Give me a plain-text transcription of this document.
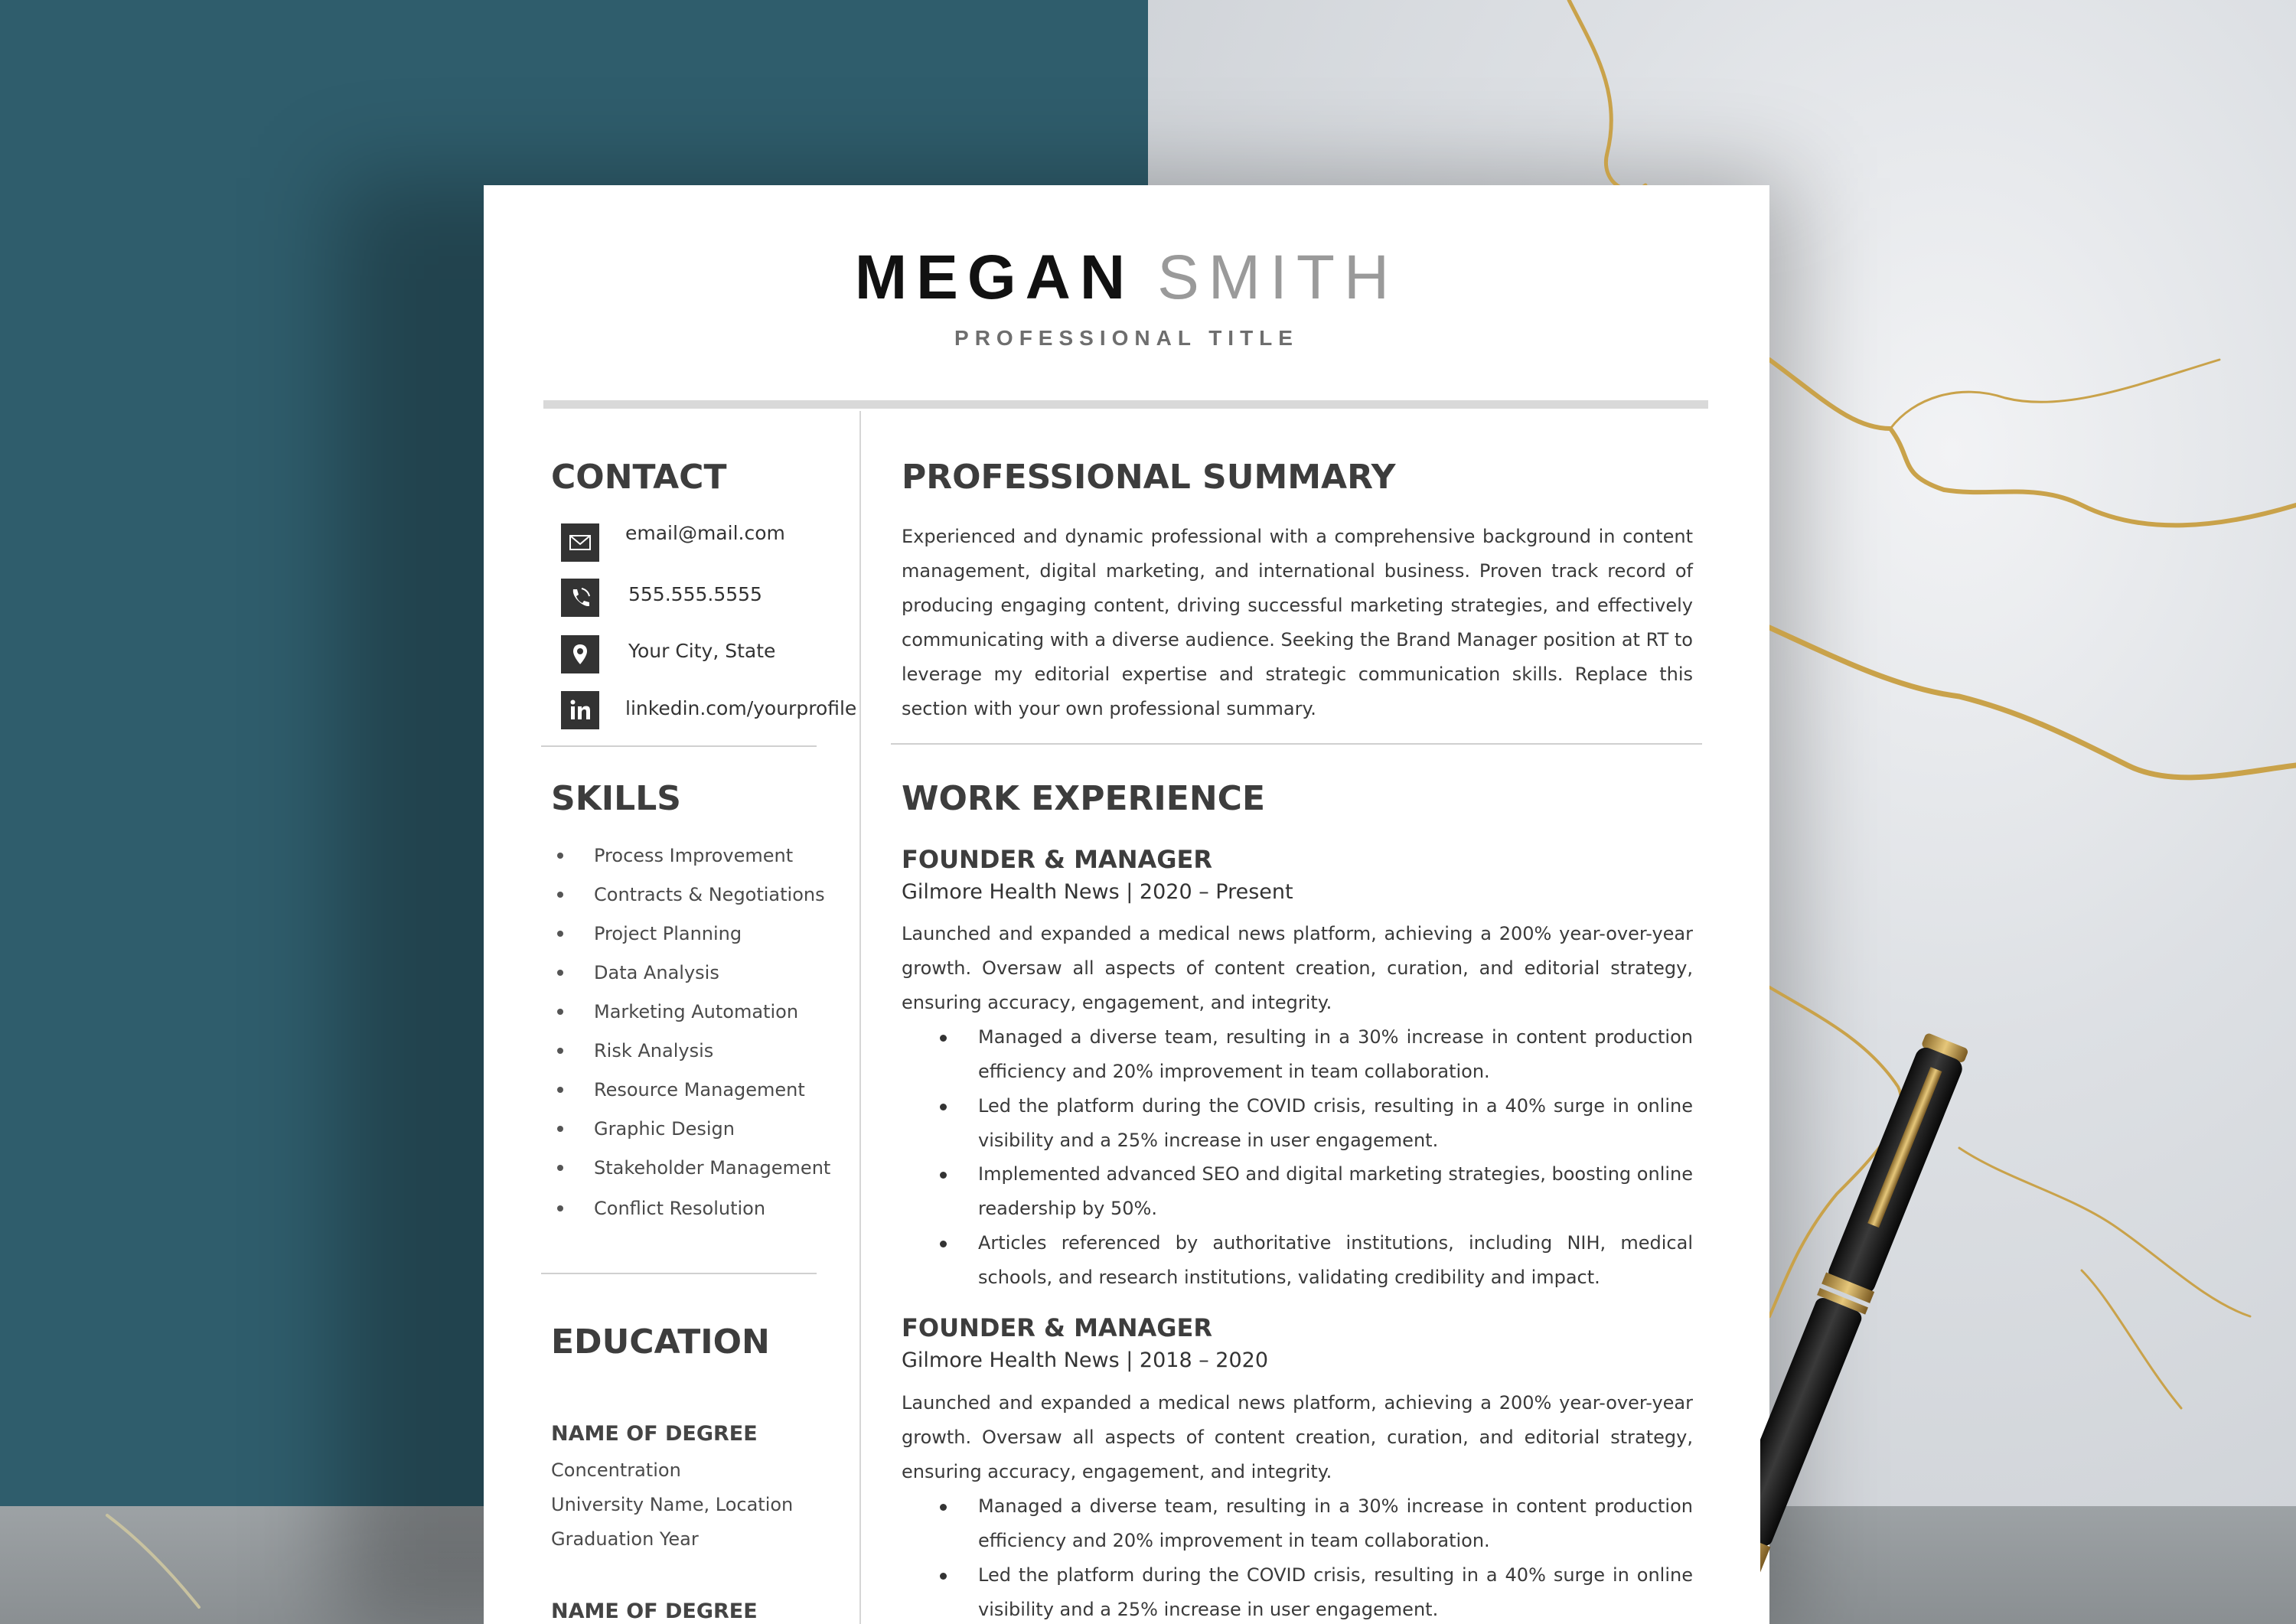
MEGAN SMITH
PROFESSIONAL TITLE
CONTACT
email@mail.com
555.555.5555
Your City, State
linkedin.com/yourprofile
SKILLS
Process Improvement
Contracts & Negotiations
Project Planning
Data Analysis
Marketing Automation
Risk Analysis
Resource Management
Graphic Design
Stakeholder Management
Conflict Resolution
EDUCATION
NAME OF DEGREE
Concentration
University Name, Location
Graduation Year
NAME OF DEGREE
PROFESSIONAL SUMMARY
Experienced and dynamic professional with a comprehensive background in content management, digital marketing, and international business. Proven track record of producing engaging content, driving successful marketing strategies, and effectively communicating with a diverse audience. Seeking the Brand Manager position at RT to leverage my editorial expertise and strategic communication skills. Replace this section with your own professional summary.
WORK EXPERIENCE
FOUNDER & MANAGER
Gilmore Health News | 2020 – Present
Launched and expanded a medical news platform, achieving a 200% year-over-year growth. Oversaw all aspects of content creation, curation, and editorial strategy, ensuring accuracy, engagement, and integrity.
Managed a diverse team, resulting in a 30% increase in content production efficiency and 20% improvement in team collaboration.
Led the platform during the COVID crisis, resulting in a 40% surge in online visibility and a 25% increase in user engagement.
Implemented advanced SEO and digital marketing strategies, boosting online readership by 50%.
Articles referenced by authoritative institutions, including NIH, medical schools, and research institutions, validating credibility and impact.
FOUNDER & MANAGER
Gilmore Health News | 2018 – 2020
Launched and expanded a medical news platform, achieving a 200% year-over-year growth. Oversaw all aspects of content creation, curation, and editorial strategy, ensuring accuracy, engagement, and integrity.
Managed a diverse team, resulting in a 30% increase in content production efficiency and 20% improvement in team collaboration.
Led the platform during the COVID crisis, resulting in a 40% surge in online visibility and a 25% increase in user engagement.
